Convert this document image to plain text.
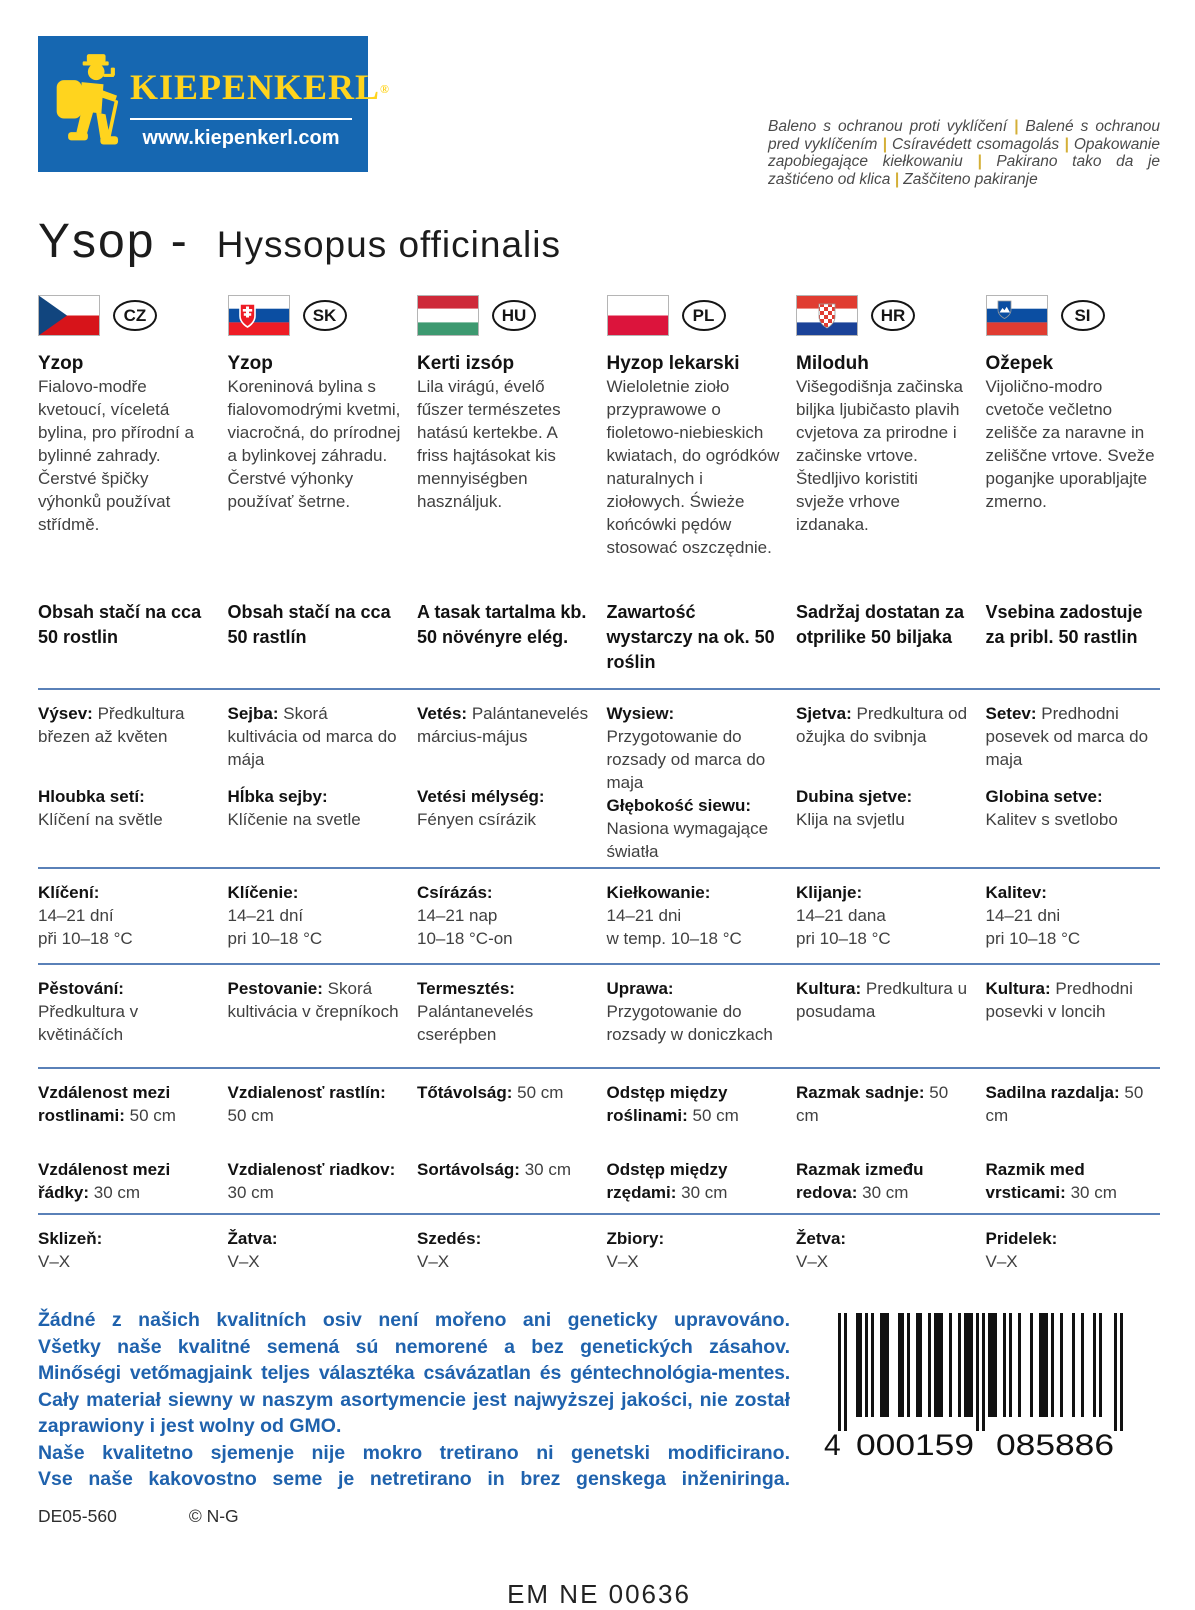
KIEPENKERL®
www.kiepenkerl.com
Baleno s ochranou proti vyklíčení | Balené s ochranou pred vyklíčením | Csíravédett csomagolás | Opakowanie zapobiegające kiełkowaniu | Pakirano tako da je zaštićeno od klica | Zaščiteno pakiranje
Ysop - Hyssopus officinalis
CZ

Yzop

Fialovo-modře kvetoucí, víceletá bylina, pro přírodní a bylinné zahrady. Čerstvé špičky výhonků používat střídmě.

Obsah stačí na cca 50 rostlin

Výsev: Předkultura březen až květen

Hloubka setí:
Klíčení na světle

Klíčení:
14–21 dní
při 10–18 °C

Pěstování: Předkultura v květináčích

Vzdálenost mezi rostlinami: 50 cm

Vzdálenost mezi řádky: 30 cm

Sklizeň:
V–X

SK

Yzop

Koreninová bylina s fialovomodrými kvetmi, viacročná, do prírodnej a bylinkovej záhradu. Čerstvé výhonky používať šetrne.

Obsah stačí na cca 50 rastlín

Sejba: Skorá kultivácia od marca do mája

Hĺbka sejby:
Klíčenie na svetle

Klíčenie:
14–21 dní
pri 10–18 °C

Pestovanie: Skorá kultivácia v črepníkoch

Vzdialenosť rastlín: 50 cm

Vzdialenosť riadkov: 30 cm

Žatva:
V–X

HU

Kerti izsóp

Lila virágú, évelő fűszer természetes hatású kertekbe. A friss hajtásokat kis mennyiségben használjuk.

A tasak tartalma kb. 50 növényre elég.

Vetés: Palántanevelés március-május

Vetési mélység:
Fényen csírázik

Csírázás:
14–21 nap
10–18 °C-on

Termesztés: Palántanevelés cserépben

Tőtávolság: 50 cm

Sortávolság: 30 cm

Szedés:
V–X

PL

Hyzop lekarski

Wieloletnie zioło przyprawowe o fioletowo-niebieskich kwiatach, do ogródków naturalnych i ziołowych. Świeże końcówki pędów stosować oszczędnie.

Zawartość wystarczy na ok. 50 roślin

Wysiew: Przygotowanie do rozsady od marca do maja

Głębokość siewu:
Nasiona wymagające światła

Kiełkowanie:
14–21 dni
w temp. 10–18 °C

Uprawa: Przygotowanie do rozsady w doniczkach

Odstęp między roślinami: 50 cm

Odstęp między rzędami: 30 cm

Zbiory:
V–X

HR

Miloduh

Višegodišnja začinska biljka ljubičasto plavih cvjetova za prirodne i začinske vrtove. Štedljivo koristiti svježe vrhove izdanaka.

Sadržaj dostatan za otprilike 50 biljaka

Sjetva: Predkultura od ožujka do svibnja

Dubina sjetve:
Klija na svjetlu

Klijanje:
14–21 dana
pri 10–18 °C

Kultura: Predkultura u posudama

Razmak sadnje: 50 cm

Razmak između redova: 30 cm

Žetva:
V–X

SI

Ožepek

Vijolično-modro cvetoče večletno zelišče za naravne in zeliščne vrtove. Sveže poganjke uporabljajte zmerno.

Vsebina zadostuje za pribl. 50 rastlin

Setev: Predhodni posevek od marca do maja

Globina setve:
Kalitev s svetlobo

Kalitev:
14–21 dni
pri 10–18 °C

Kultura: Predhodni posevki v loncih

Sadilna razdalja: 50 cm

Razmik med vrsticami: 30 cm

Pridelek:
V–X

Žádné z našich kvalitních osiv není mořeno ani geneticky upravováno.

Všetky naše kvalitné semená sú nemorené a bez genetických zásahov.

Minőségi vetőmagjaink teljes választéka csávázatlan és géntechnológia-mentes.

Cały materiał siewny w naszym asortymencie jest najwyższej jakości, nie został zaprawiony i jest wolny od GMO.

Naše kvalitetno sjemenje nije mokro tretirano ni genetski modificirano.

Vse naše kakovostno seme je netretirano in brez genskega inženiringa.

DE05-560	© N-G
4 000159 085886
EM NE 00636
